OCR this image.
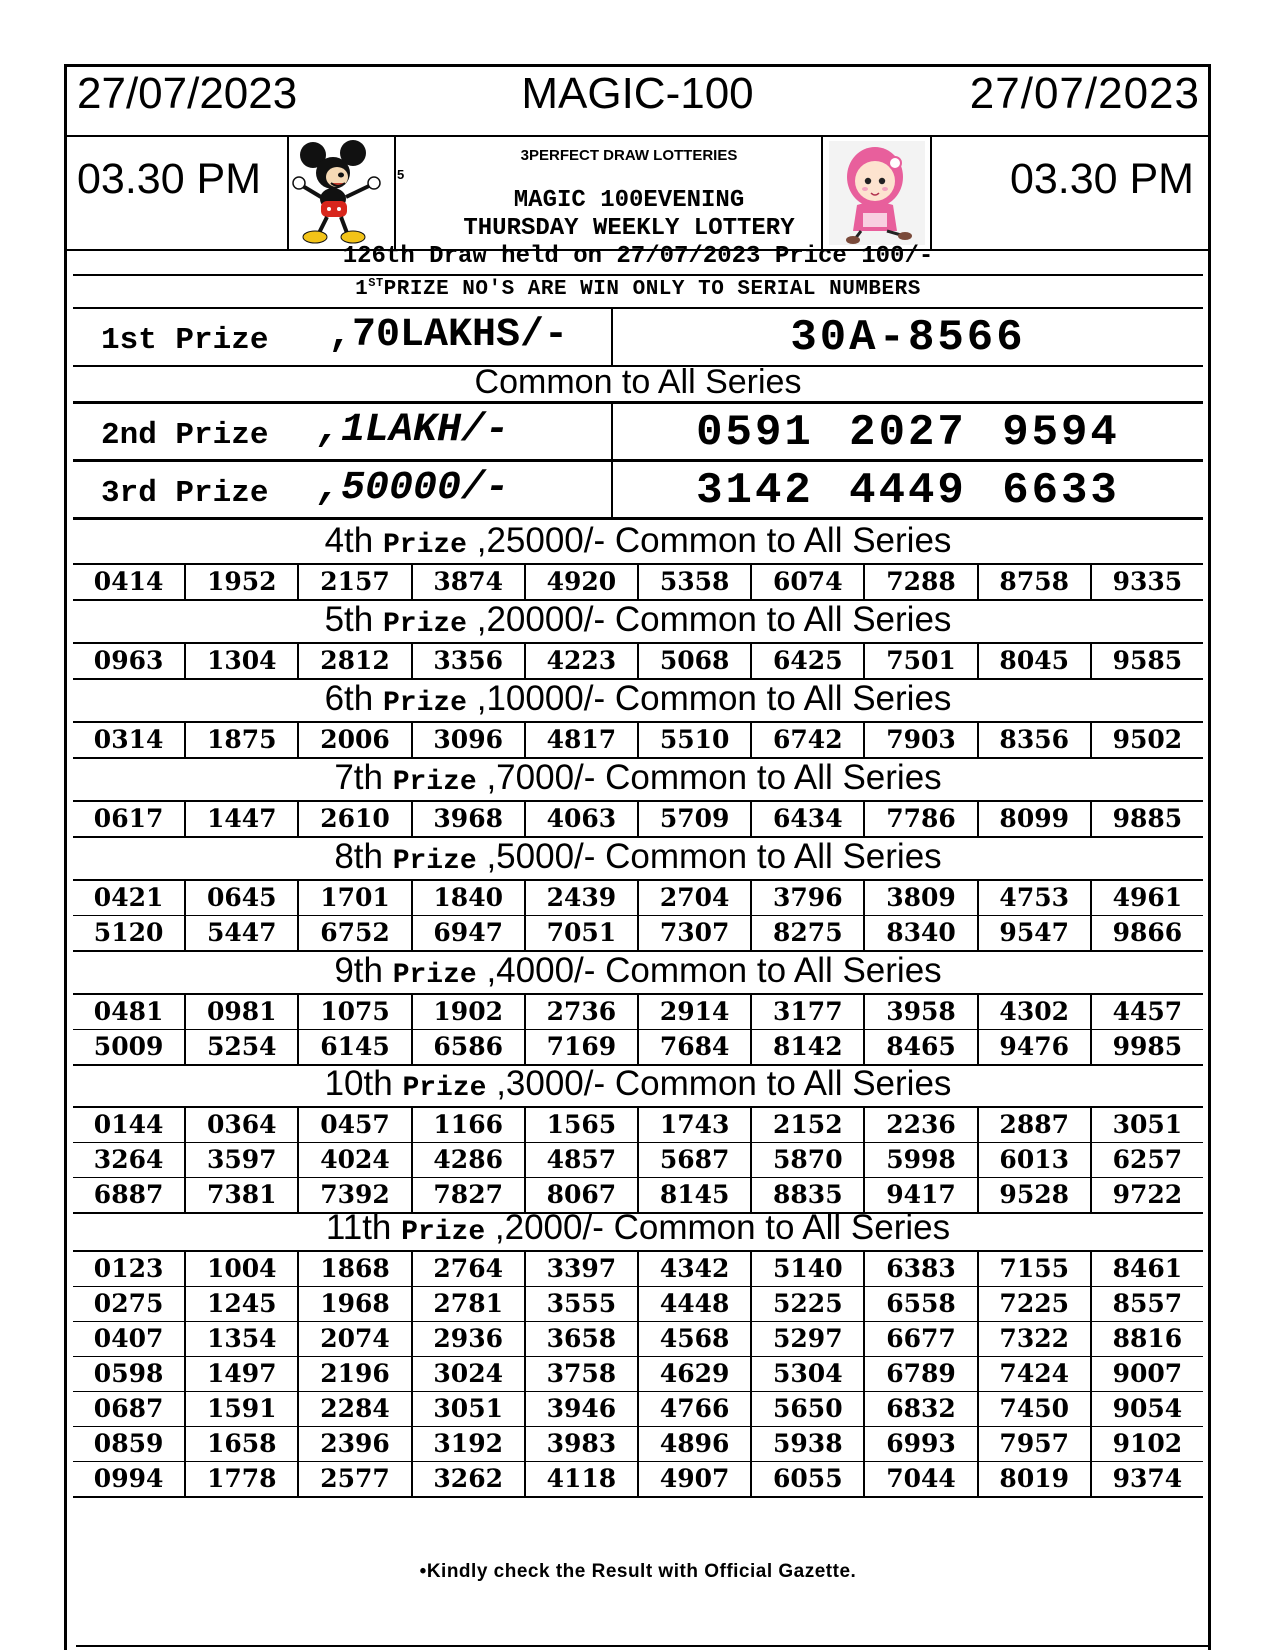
27/07/2023	MAGIC-100	27/07/2023
03.30 PM	5
3PERFECT DRAW LOTTERIES
MAGIC 100EVENING
THURSDAY WEEKLY LOTTERY
03.30 PM
126th Draw held on 27/07/2023 Price 100/-
1STPRIZE NO'S ARE WIN ONLY TO SERIAL NUMBERS
1st Prize ,70LAKHS/-	30A-8566
Common to All Series
2nd Prize ,1LAKH/-	0591 2027 9594
3rd Prize ,50000/-	3142 4449 6633
4th Prize ,25000/- Common to All Series
0414	1952	2157	3874	4920	5358	6074	7288	8758	9335
5th Prize ,20000/- Common to All Series
0963	1304	2812	3356	4223	5068	6425	7501	8045	9585
6th Prize ,10000/- Common to All Series
0314	1875	2006	3096	4817	5510	6742	7903	8356	9502
7th Prize ,7000/- Common to All Series
0617	1447	2610	3968	4063	5709	6434	7786	8099	9885
8th Prize ,5000/- Common to All Series
0421	0645	1701	1840	2439	2704	3796	3809	4753	4961
5120	5447	6752	6947	7051	7307	8275	8340	9547	9866
9th Prize ,4000/- Common to All Series
0481	0981	1075	1902	2736	2914	3177	3958	4302	4457
5009	5254	6145	6586	7169	7684	8142	8465	9476	9985
10th Prize ,3000/- Common to All Series
0144	0364	0457	1166	1565	1743	2152	2236	2887	3051
3264	3597	4024	4286	4857	5687	5870	5998	6013	6257
6887	7381	7392	7827	8067	8145	8835	9417	9528	9722
11th Prize ,2000/- Common to All Series
0123	1004	1868	2764	3397	4342	5140	6383	7155	8461
0275	1245	1968	2781	3555	4448	5225	6558	7225	8557
0407	1354	2074	2936	3658	4568	5297	6677	7322	8816
0598	1497	2196	3024	3758	4629	5304	6789	7424	9007
0687	1591	2284	3051	3946	4766	5650	6832	7450	9054
0859	1658	2396	3192	3983	4896	5938	6993	7957	9102
0994	1778	2577	3262	4118	4907	6055	7044	8019	9374
•Kindly check the Result with Official Gazette.
